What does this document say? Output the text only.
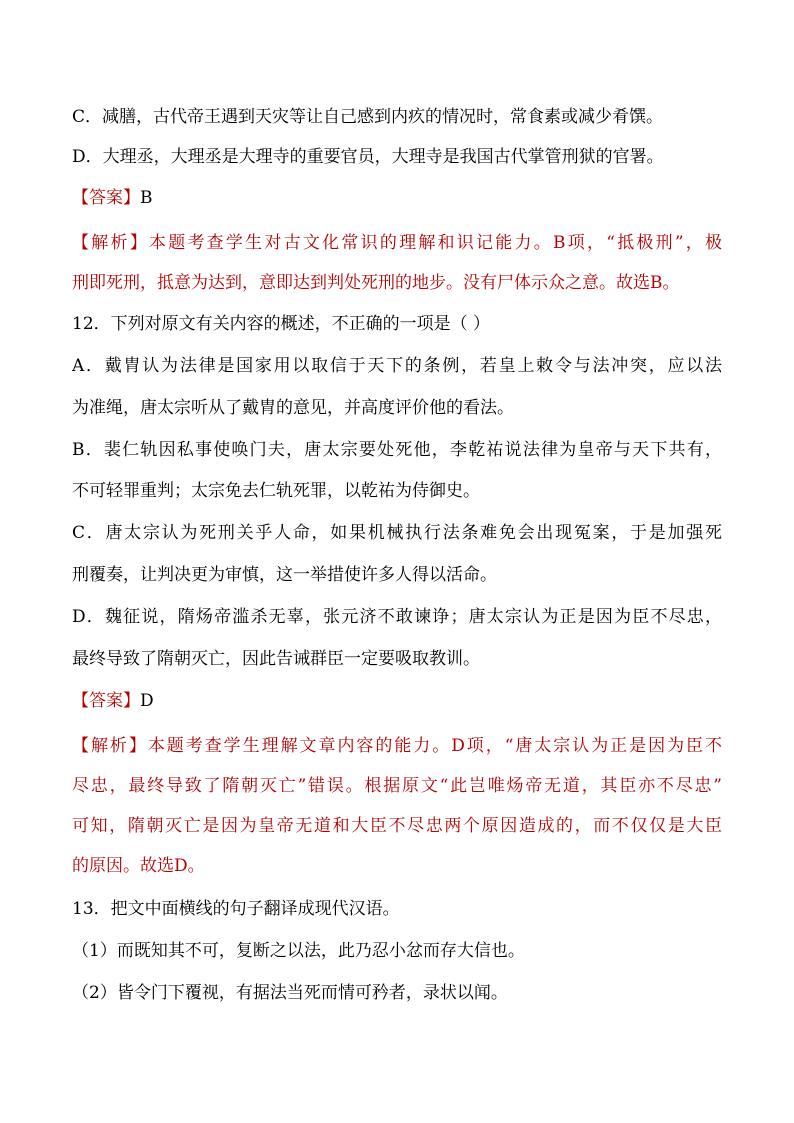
C．减膳，古代帝王遇到天灾等让自己感到内疚的情况时，常食素或减少肴馔。
D．大理丞，大理丞是大理寺的重要官员，大理寺是我国古代掌管刑狱的官署。
【答案】B
【解析】本题考查学生对古文化常识的理解和识记能力。B项，“抵极刑”，极
刑即死刑，抵意为达到，意即达到判处死刑的地步。没有尸体示众之意。故选B。
12．下列对原文有关内容的概述，不正确的一项是（ ）
A．戴胄认为法律是国家用以取信于天下的条例，若皇上敕令与法冲突，应以法
为准绳，唐太宗听从了戴胄的意见，并高度评价他的看法。
B．裴仁轨因私事使唤门夫，唐太宗要处死他，李乾祐说法律为皇帝与天下共有，
不可轻罪重判；太宗免去仁轨死罪，以乾祐为侍御史。
C．唐太宗认为死刑关乎人命，如果机械执行法条难免会出现冤案，于是加强死
刑覆奏，让判决更为审慎，这一举措使许多人得以活命。
D．魏征说，隋炀帝滥杀无辜，张元济不敢谏诤；唐太宗认为正是因为臣不尽忠，
最终导致了隋朝灭亡，因此告诫群臣一定要吸取教训。
【答案】D
【解析】本题考查学生理解文章内容的能力。D项，“唐太宗认为正是因为臣不
尽忠，最终导致了隋朝灭亡”错误。根据原文“此岂唯炀帝无道，其臣亦不尽忠”
可知，隋朝灭亡是因为皇帝无道和大臣不尽忠两个原因造成的，而不仅仅是大臣
的原因。故选D。
13．把文中面横线的句子翻译成现代汉语。
（1）而既知其不可，复断之以法，此乃忍小忿而存大信也。
（2）皆令门下覆视，有据法当死而情可矜者，录状以闻。
